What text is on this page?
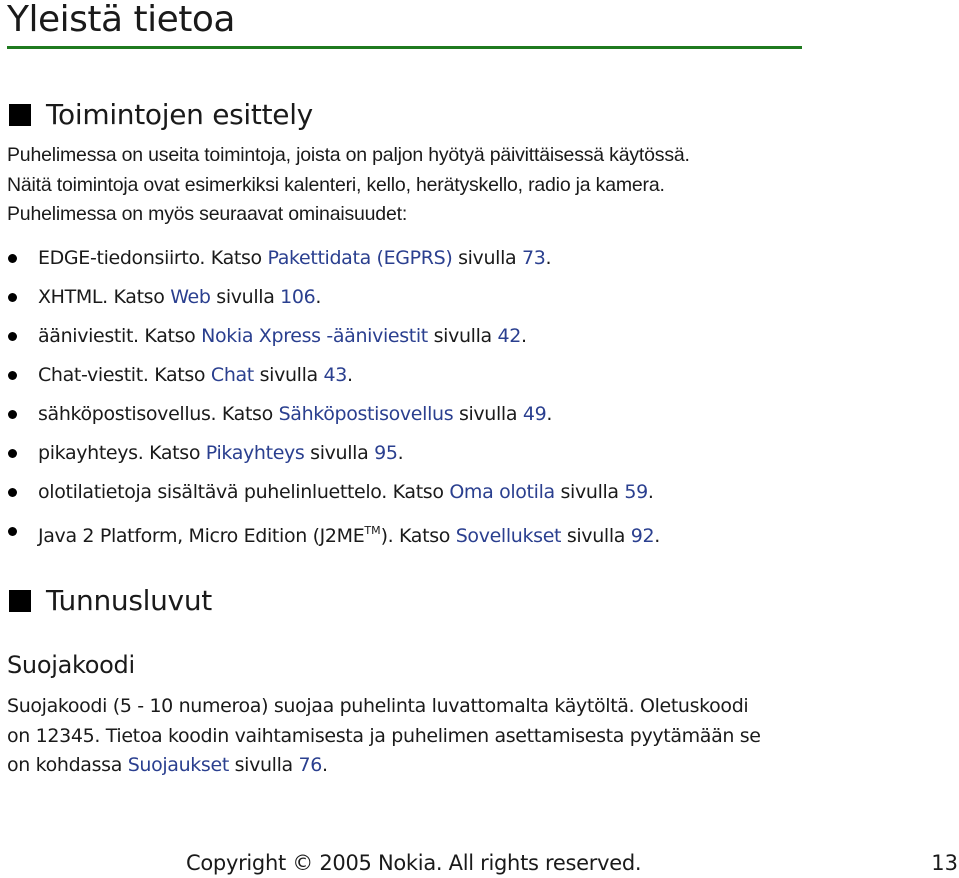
Yleistä tietoa
Toimintojen esittely

Puhelimessa on useita toimintoja, joista on paljon hyötyä päivittäisessä käytössä.
Näitä toimintoja ovat esimerkiksi kalenteri, kello, herätyskello, radio ja kamera.
Puhelimessa on myös seuraavat ominaisuudet:

EDGE-tiedonsiirto. Katso Pakettidata (EGPRS) sivulla 73.
XHTML. Katso Web sivulla 106.
ääniviestit. Katso Nokia Xpress -ääniviestit sivulla 42.
Chat-viestit. Katso Chat sivulla 43.
sähköpostisovellus. Katso Sähköpostisovellus sivulla 49.
pikayhteys. Katso Pikayhteys sivulla 95.
olotilatietoja sisältävä puhelinluettelo. Katso Oma olotila sivulla 59.
Java 2 Platform, Micro Edition (J2ME™). Katso Sovellukset sivulla 92.
Tunnusluvut
Suojakoodi

Suojakoodi (5 - 10 numeroa) suojaa puhelinta luvattomalta käytöltä. Oletuskoodi
on 12345. Tietoa koodin vaihtamisesta ja puhelimen asettamisesta pyytämään se
on kohdassa Suojaukset sivulla 76.

Copyright © 2005 Nokia. All rights reserved.	13
